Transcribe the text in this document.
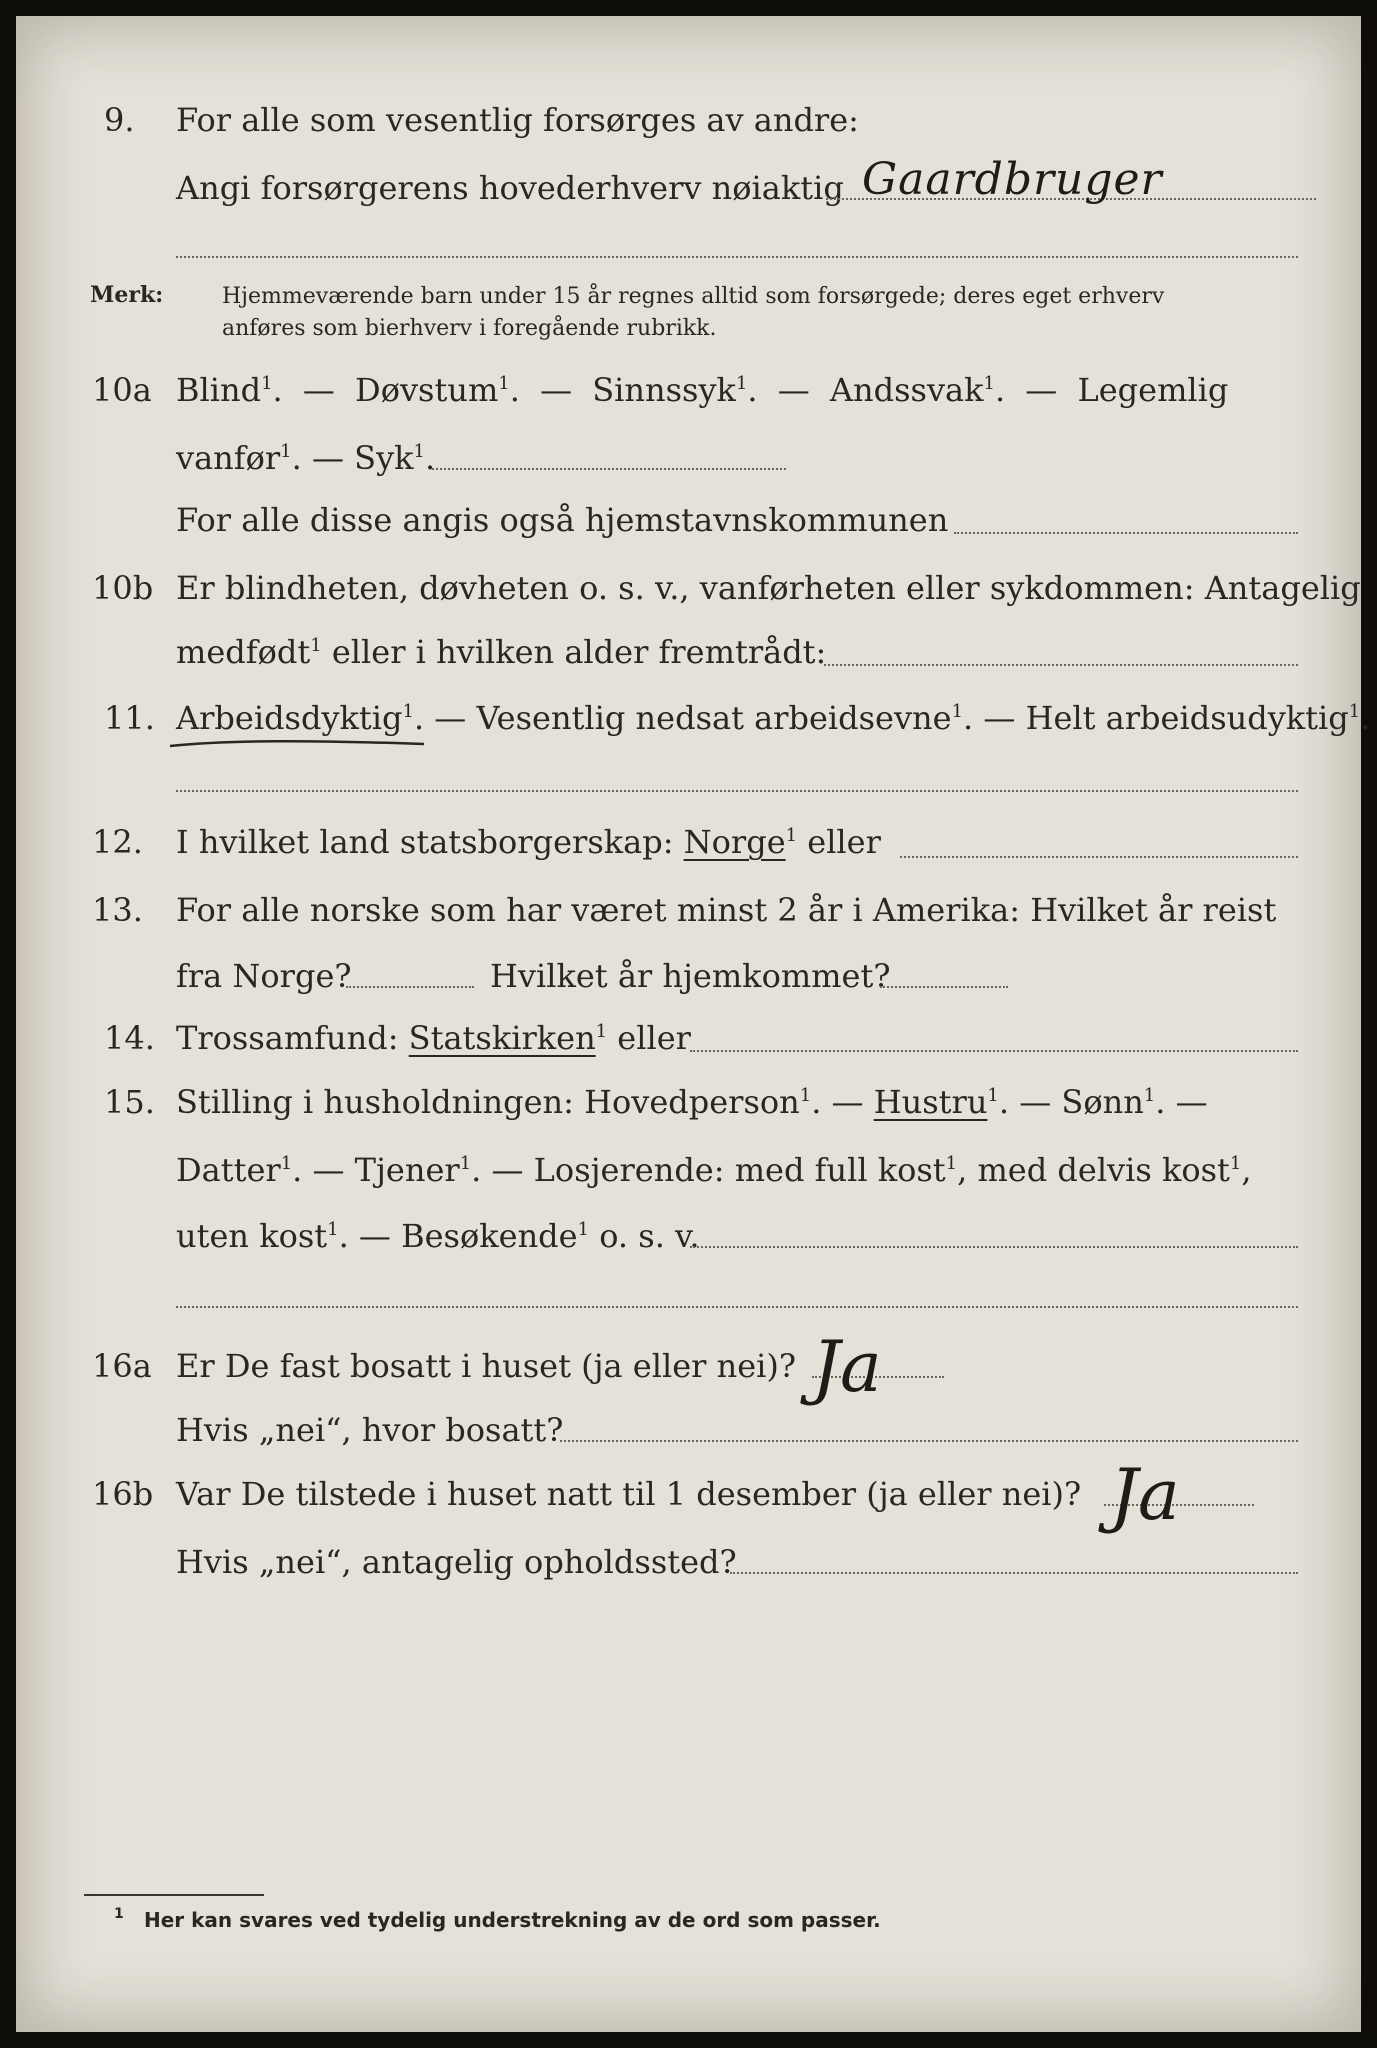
9. For alle som vesentlig forsørges av andre:
Angi forsørgerens hovederhverv nøiaktig Gaardbruger
Merk:	Hjemmeværende barn under 15 år regnes alltid som forsørgede; deres eget erhverv
anføres som bierhverv i foregående rubrikk.
10a Blind$^1$. — Døvstum$^1$. — Sinnssyk$^1$. — Andssvak$^1$. — Legemlig
vanfør$^1$. — Syk$^1$.
For alle disse angis også hjemstavnskommunen
10b Er blindheten, døvheten o. s. v., vanførheten eller sykdommen: Antagelig
medfødt$^1$ eller i hvilken alder fremtrådt:
11. Arbeidsdyktig$^1$. — Vesentlig nedsat arbeidsevne$^1$. — Helt arbeidsudyktig$^1$.
12. I hvilket land statsborgerskap: Norge$^1$ eller
13. For alle norske som har været minst 2 år i Amerika: Hvilket år reist
fra Norge?	Hvilket år hjemkommet?
14. Trossamfund: Statskirken$^1$ eller
15. Stilling i husholdningen: Hovedperson$^1$. — Hustru$^1$. — Sønn$^1$. —
Datter$^1$. — Tjener$^1$. — Losjerende: med full kost$^1$, med delvis kost$^1$,
uten kost$^1$. — Besøkende$^1$ o. s. v.
16a Er De fast bosatt i huset (ja eller nei)? Ja
Hvis „nei“, hvor bosatt?
16b Var De tilstede i huset natt til 1 desember (ja eller nei)? Ja
Hvis „nei“, antagelig opholdssted?
1 Her kan svares ved tydelig understrekning av de ord som passer.
